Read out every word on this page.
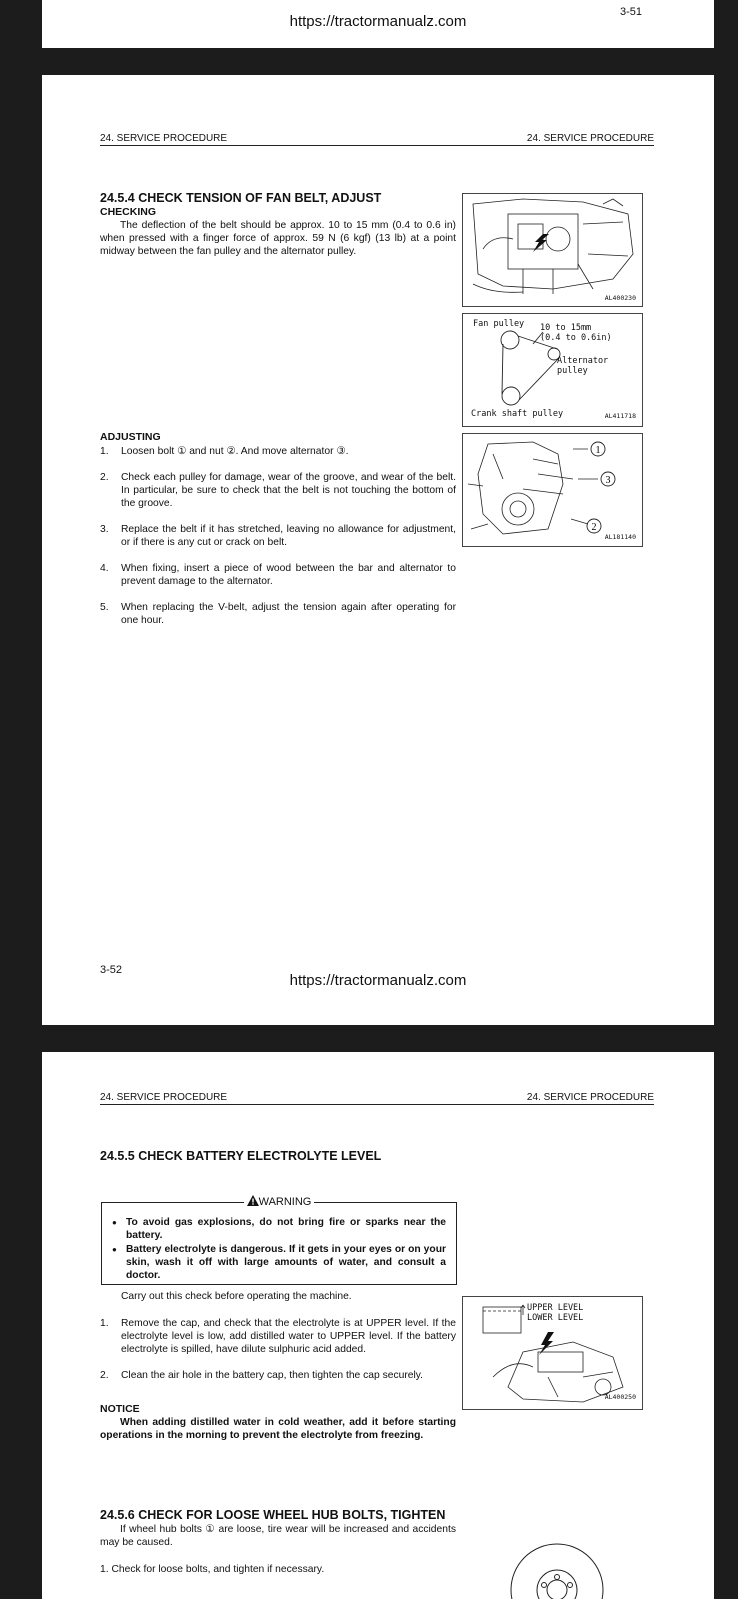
https://tractormanualz.com
3-51
24. SERVICE PROCEDURE	24. SERVICE PROCEDURE
24.5.4 CHECK TENSION OF FAN BELT, ADJUST
CHECKING
The deflection of the belt should be approx. 10 to 15 mm (0.4 to 0.6 in) when pressed with a finger force of approx. 59 N (6 kgf) (13 lb) at a point midway between the fan pulley and the alternator pulley.
AL400230
Fan pulley 10 to 15mm
(0.4 to 0.6in)
Alternator
pulley
Crank shaft pulley	AL411718
ADJUSTING
1. Loosen bolt ① and nut ②. And move alternator ③.
2. Check each pulley for damage, wear of the groove, and wear of the belt. In particular, be sure to check that the belt is not touching the bottom of the groove.
3. Replace the belt if it has stretched, leaving no allowance for adjustment, or if there is any cut or crack on belt.
4. When fixing, insert a piece of wood between the bar and alternator to prevent damage to the alternator.
5. When replacing the V-belt, adjust the tension again after operating for one hour.
1
3
2
AL181140
3-52
https://tractormanualz.com
24. SERVICE PROCEDURE	24. SERVICE PROCEDURE
24.5.5 CHECK BATTERY ELECTROLYTE LEVEL
WARNING
● To avoid gas explosions, do not bring fire or sparks near the battery.
● Battery electrolyte is dangerous. If it gets in your eyes or on your skin, wash it off with large amounts of water, and consult a doctor.
Carry out this check before operating the machine.
1. Remove the cap, and check that the electrolyte is at UPPER level. If the electrolyte level is low, add distilled water to UPPER level. If the battery electrolyte is spilled, have dilute sulphuric acid added.
2. Clean the air hole in the battery cap, then tighten the cap securely.
UPPER LEVEL
LOWER LEVEL
AL400250
NOTICE
When adding distilled water in cold weather, add it before starting operations in the morning to prevent the electrolyte from freezing.
24.5.6 CHECK FOR LOOSE WHEEL HUB BOLTS, TIGHTEN
If wheel hub bolts ① are loose, tire wear will be increased and accidents may be caused.
1. Check for loose bolts, and tighten if necessary.
